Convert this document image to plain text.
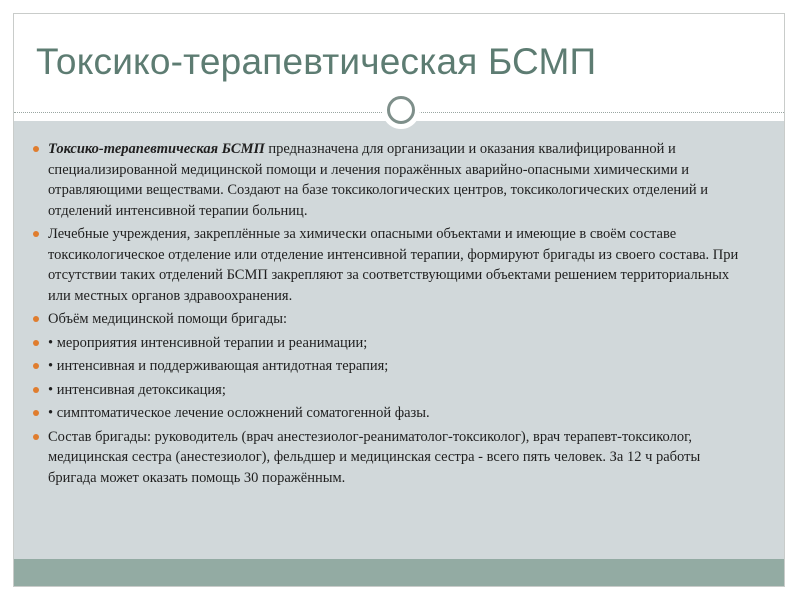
Токсико-терапевтическая БСМП
Токсико-терапевтическая БСМП предназначена для организации и оказания квалифицированной и специализированной медицинской помощи и лечения поражённых аварийно-опасными химическими и отравляющими веществами. Создают на базе токсикологических центров, токсикологических отделений и отделений интенсивной терапии больниц.
Лечебные учреждения, закреплённые за химически опасными объектами и имеющие в своём составе токсикологическое отделение или отделение интенсивной терапии, формируют бригады из своего состава. При отсутствии таких отделений БСМП закрепляют за соответствующими объектами решением территориальных или местных органов здравоохранения.
Объём медицинской помощи бригады:
• мероприятия интенсивной терапии и реанимации;
• интенсивная и поддерживающая антидотная терапия;
• интенсивная детоксикация;
• симптоматическое лечение осложнений соматогенной фазы.
Состав бригады: руководитель (врач анестезиолог-реаниматолог-токсиколог), врач терапевт-токсиколог, медицинская сестра (анестезиолог), фельдшер и медицинская сестра - всего пять человек. За 12 ч работы бригада может оказать помощь 30 поражённым.
